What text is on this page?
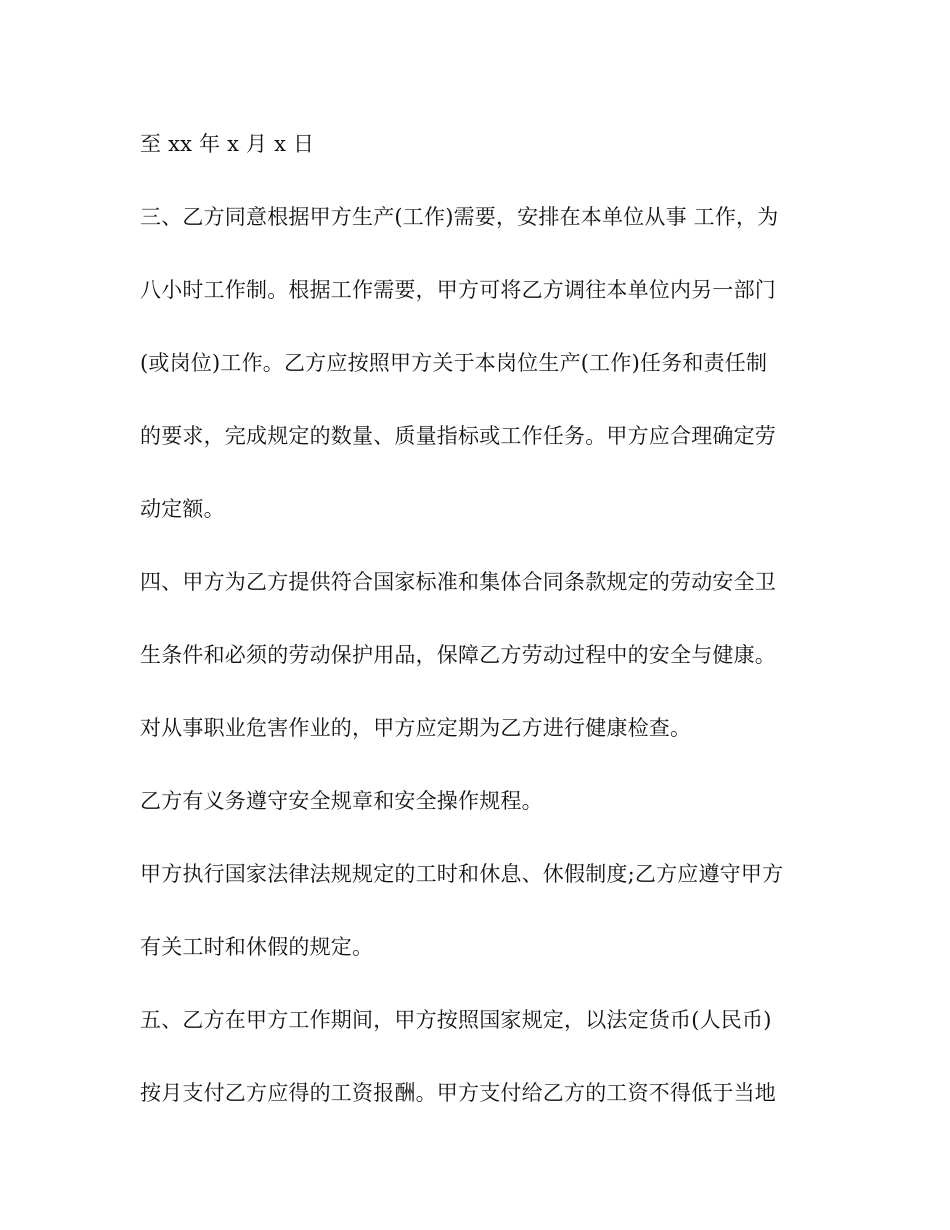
至 xx 年 x 月 x 日
三、乙方同意根据甲方生产(工作)需要，安排在本单位从事 工作，为
八小时工作制。根据工作需要，甲方可将乙方调往本单位内另一部门
(或岗位)工作。乙方应按照甲方关于本岗位生产(工作)任务和责任制
的要求，完成规定的数量、质量指标或工作任务。甲方应合理确定劳
动定额。
四、甲方为乙方提供符合国家标准和集体合同条款规定的劳动安全卫
生条件和必须的劳动保护用品，保障乙方劳动过程中的安全与健康。
对从事职业危害作业的，甲方应定期为乙方进行健康检查。
乙方有义务遵守安全规章和安全操作规程。
甲方执行国家法律法规规定的工时和休息、休假制度;乙方应遵守甲方
有关工时和休假的规定。
五、乙方在甲方工作期间，甲方按照国家规定，以法定货币(人民币)
按月支付乙方应得的工资报酬。甲方支付给乙方的工资不得低于当地
